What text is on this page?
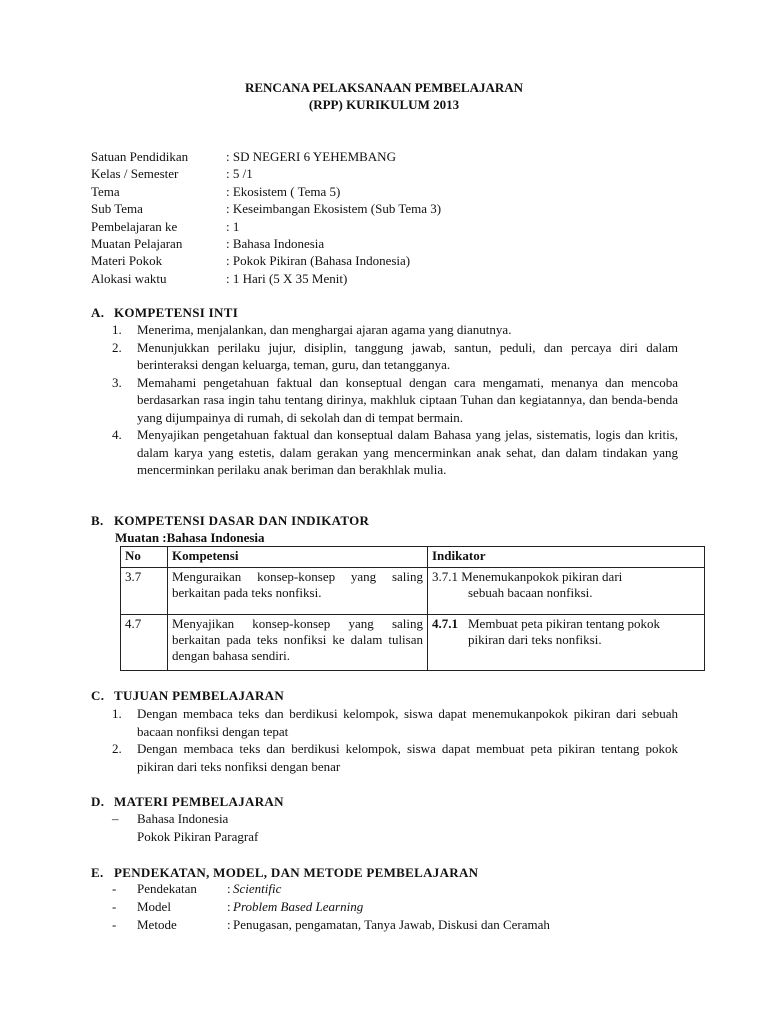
RENCANA PELAKSANAAN PEMBELAJARAN
(RPP) KURIKULUM 2013
Satuan Pendidikan	: SD NEGERI 6 YEHEMBANG
Kelas / Semester	: 5 /1
Tema	: Ekosistem ( Tema 5)
Sub Tema	: Keseimbangan Ekosistem (Sub Tema 3)
Pembelajaran ke	: 1
Muatan Pelajaran	: Bahasa Indonesia
Materi Pokok	: Pokok Pikiran (Bahasa Indonesia)
Alokasi waktu	: 1 Hari (5 X 35 Menit)
A. KOMPETENSI INTI
1. Menerima, menjalankan, dan menghargai ajaran agama yang dianutnya.
2. Menunjukkan perilaku jujur, disiplin, tanggung jawab, santun, peduli, dan percaya diri dalam berinteraksi dengan keluarga, teman, guru, dan tetangganya.
3. Memahami pengetahuan faktual dan konseptual dengan cara mengamati, menanya dan mencoba berdasarkan rasa ingin tahu tentang dirinya, makhluk ciptaan Tuhan dan kegiatannya, dan benda-benda yang dijumpainya di rumah, di sekolah dan di tempat bermain.
4. Menyajikan pengetahuan faktual dan konseptual dalam Bahasa yang jelas, sistematis, logis dan kritis, dalam karya yang estetis, dalam gerakan yang mencerminkan anak sehat, dan dalam tindakan yang mencerminkan perilaku anak beriman dan berakhlak mulia.
B. KOMPETENSI DASAR DAN INDIKATOR
Muatan :Bahasa Indonesia
No	Kompetensi	Indikator
3.7	Menguraikan konsep-konsep yang saling berkaitan pada teks nonfiksi.	3.7.1 Menemukanpokok pikiran dari
sebuah bacaan nonfiksi.

4.7	Menyajikan konsep-konsep yang saling berkaitan pada teks nonfiksi ke dalam tulisan dengan bahasa sendiri.	4.7.1 Membuat peta pikiran tentang pokok
pikiran dari teks nonfiksi.
C. TUJUAN PEMBELAJARAN
1. Dengan membaca teks dan berdikusi kelompok, siswa dapat menemukanpokok pikiran dari sebuah bacaan nonfiksi dengan tepat
2. Dengan membaca teks dan berdikusi kelompok, siswa dapat membuat peta pikiran tentang pokok pikiran dari teks nonfiksi dengan benar
D. MATERI PEMBELAJARAN
–	Bahasa Indonesia
Pokok Pikiran Paragraf
E. PENDEKATAN, MODEL, DAN METODE PEMBELAJARAN
-	Pendekatan	: Scientific
-	Model	: Problem Based Learning
-	Metode	: Penugasan, pengamatan, Tanya Jawab, Diskusi dan Ceramah
